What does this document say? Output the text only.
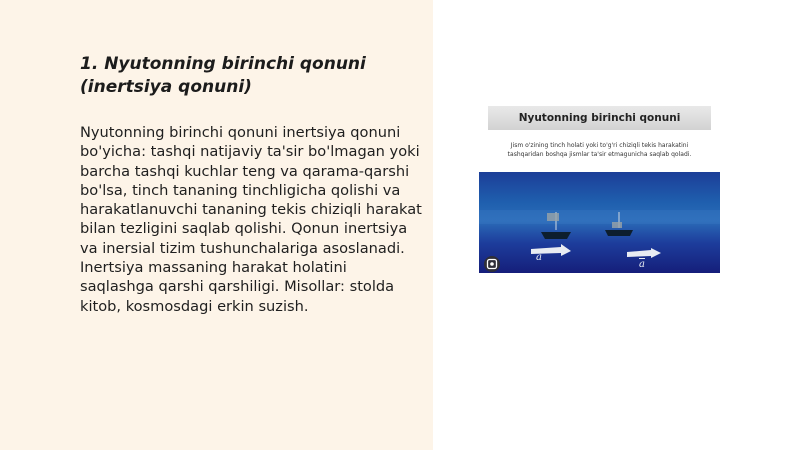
1. Nyutonning birinchi qonuni
(inertsiya qonuni)

Nyutonning birinchi qonuni inertsiya qonuni bo'yicha: tashqi natijaviy ta'sir bo'lmagan yoki barcha tashqi kuchlar teng va qarama-qarshi bo'lsa, tinch tananing tinchligicha qolishi va harakatlanuvchi tananing tekis chiziqli harakat bilan tezligini saqlab qolishi. Qonun inertsiya va inersial tizim tushunchalariga asoslanadi. Inertsiya massaning harakat holatini saqlashga qarshi qarshiligi. Misollar: stolda kitob, kosmosdagi erkin suzish.

Nyutonning birinchi qonuni
Jism o'zining tinch holati yoki to'g'ri chiziqli tekis harakatini
tashqaridan boshqa jismlar ta'sir etmagunicha saqlab qoladi.
$\overline{a}$
$\overline{a}$
